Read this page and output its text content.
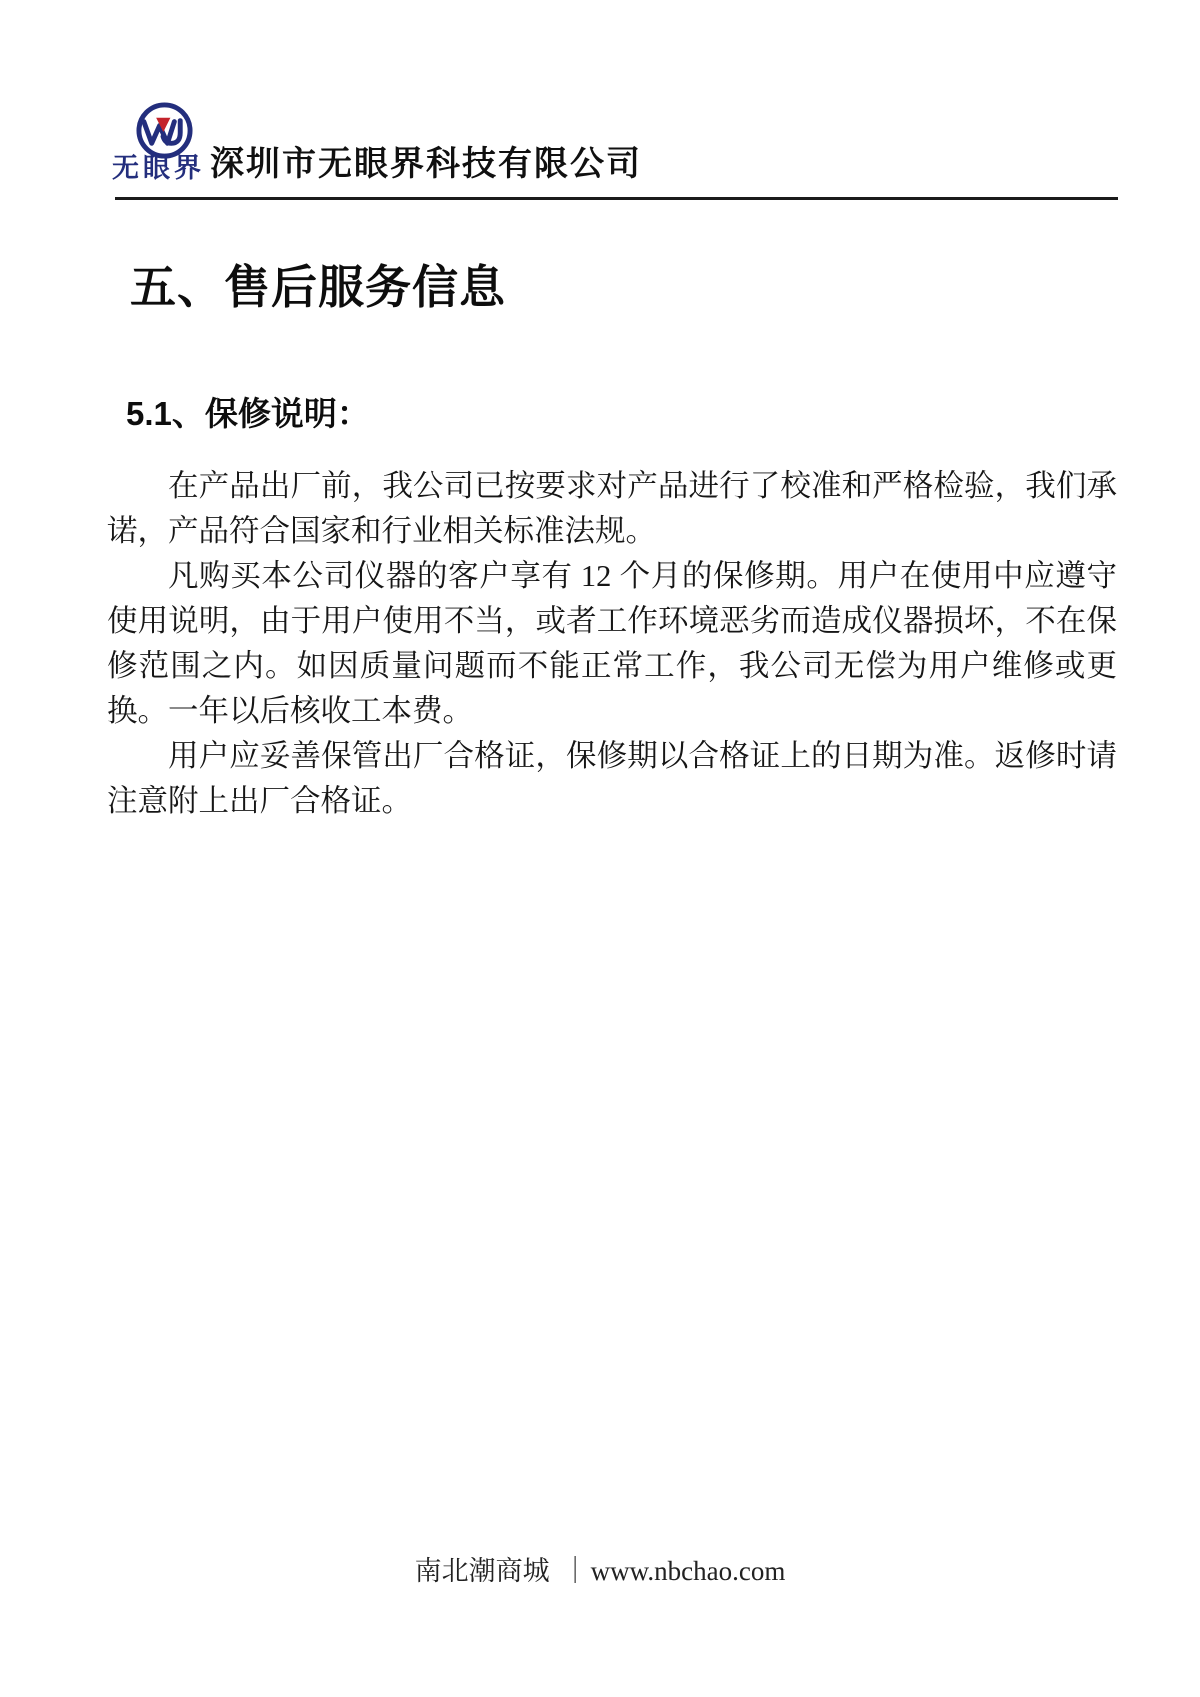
无眼界 深圳市无眼界科技有限公司
五、售后服务信息
5.1、保修说明：

在产品出厂前，我公司已按要求对产品进行了校准和严格检验，我们承诺，产品符合国家和行业相关标准法规。

凡购买本公司仪器的客户享有 12 个月的保修期。用户在使用中应遵守使用说明，由于用户使用不当，或者工作环境恶劣而造成仪器损坏，不在保修范围之内。如因质量问题而不能正常工作，我公司无偿为用户维修或更换。一年以后核收工本费。

用户应妥善保管出厂合格证，保修期以合格证上的日期为准。返修时请注意附上出厂合格证。

南北潮商城 ｜www.nbchao.com
